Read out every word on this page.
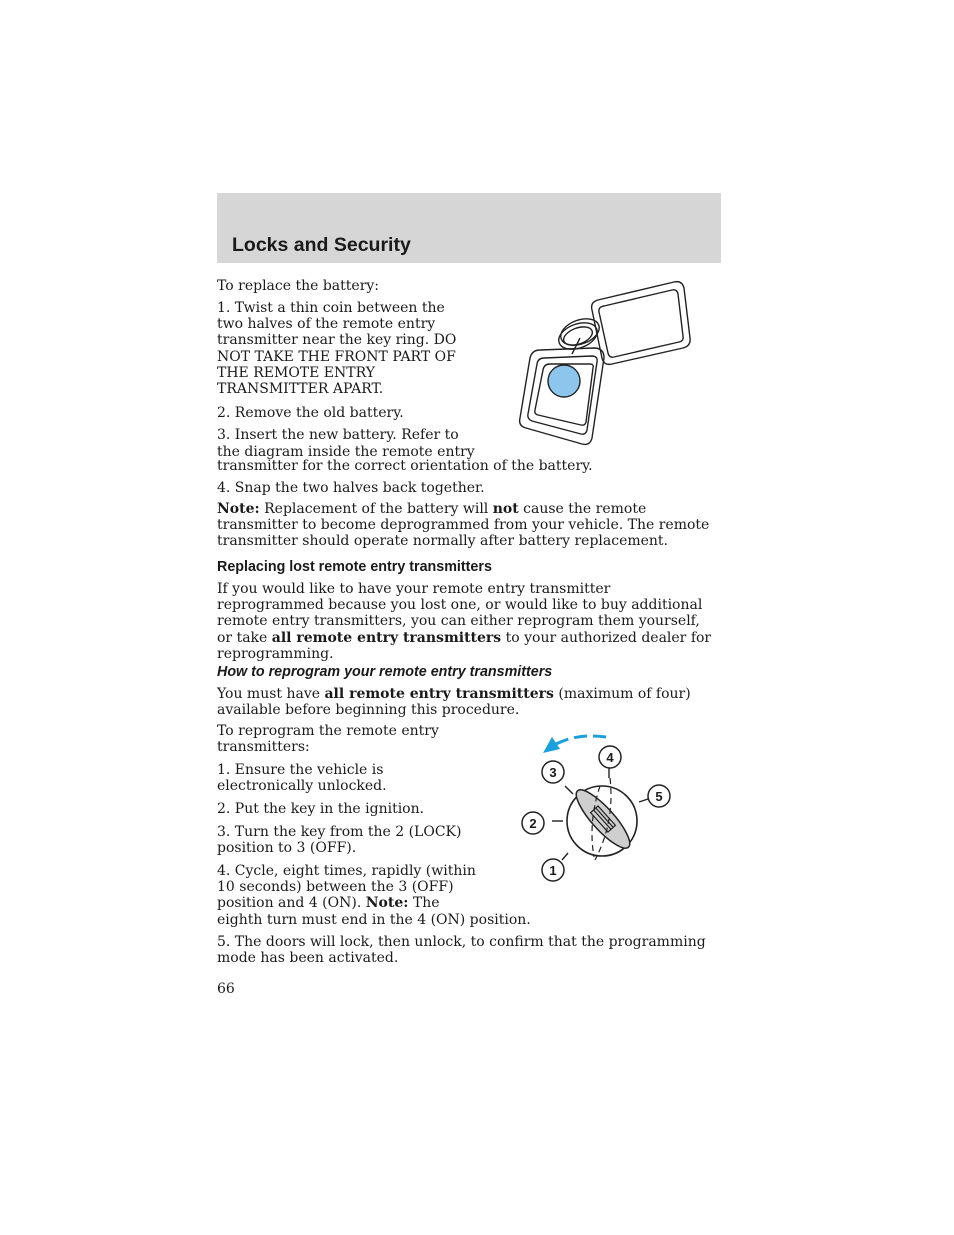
Locks and Security

To replace the battery:

1. Twist a thin coin between the two halves of the remote entry transmitter near the key ring. DO NOT TAKE THE FRONT PART OF THE REMOTE ENTRY TRANSMITTER APART.

2. Remove the old battery.

3. Insert the new battery. Refer to

the diagram inside the remote entry

transmitter for the correct orientation of the battery.

4. Snap the two halves back together.

Note: Replacement of the battery will not cause the remote transmitter to become deprogrammed from your vehicle. The remote transmitter should operate normally after battery replacement.

Replacing lost remote entry transmitters

If you would like to have your remote entry transmitter reprogrammed because you lost one, or would like to buy additional remote entry transmitters, you can either reprogram them yourself, or take all remote entry transmitters to your authorized dealer for reprogramming.

How to reprogram your remote entry transmitters

You must have all remote entry transmitters (maximum of four) available before beginning this procedure.

To reprogram the remote entry transmitters:

1. Ensure the vehicle is electronically unlocked.

2. Put the key in the ignition.

3. Turn the key from the 2 (LOCK) position to 3 (OFF).

4. Cycle, eight times, rapidly (within 10 seconds) between the 3 (OFF) position and 4 (ON). Note: The

eighth turn must end in the 4 (ON) position.

5. The doors will lock, then unlock, to confirm that the programming mode has been activated.

3
4
5
2
1
66
